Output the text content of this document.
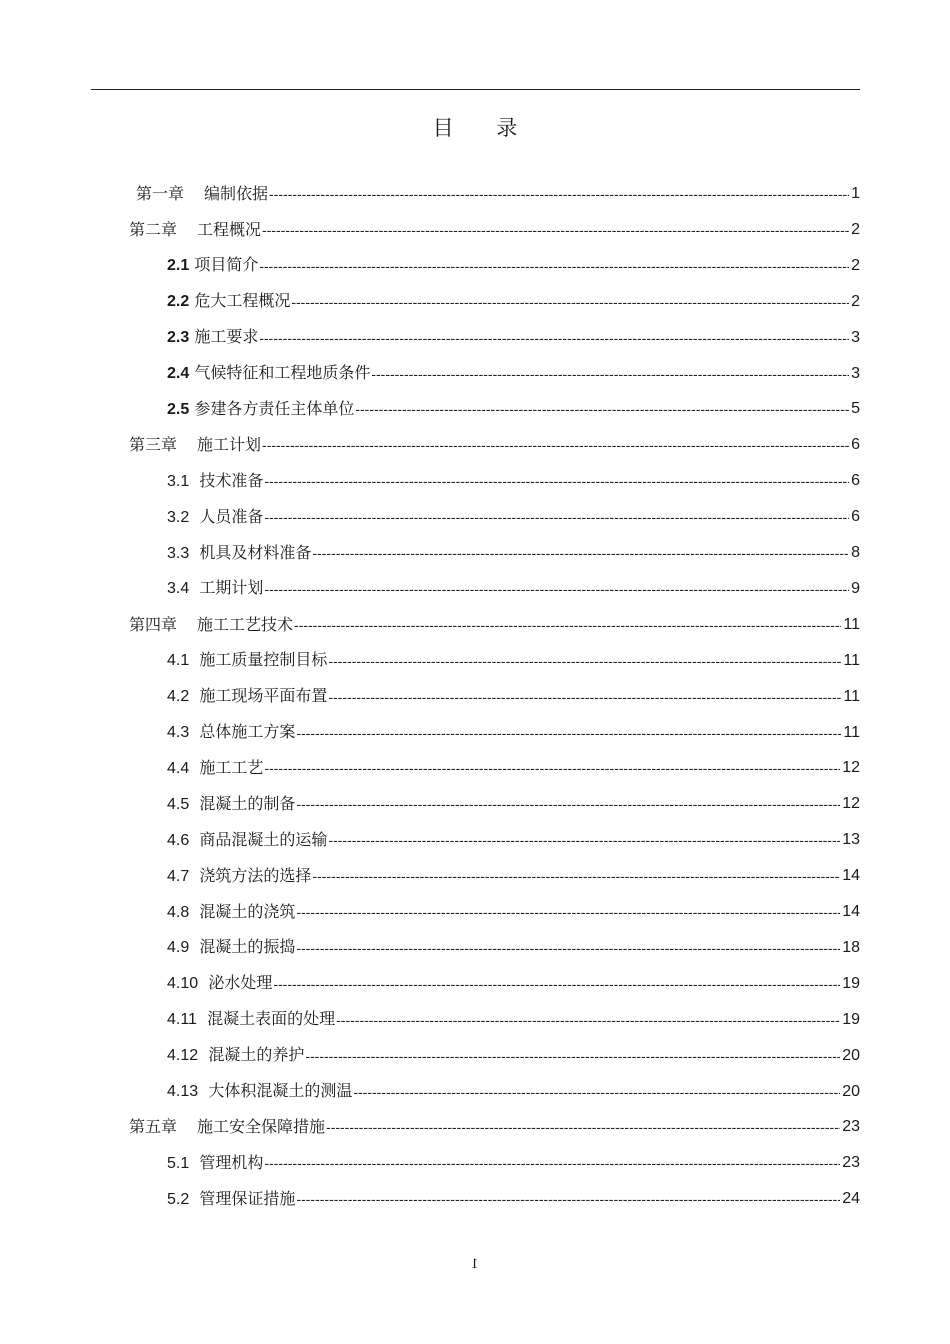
目 录
第一章　 编制依据 -----	1
第二章　 工程概况 -----	2
2.1 项目简介 -----	2
2.2 危大工程概况 -----	2
2.3 施工要求 -----	3
2.4 气候特征和工程地质条件 -----	3
2.5 参建各方责任主体单位 -----	5
第三章　 施工计划 -----	6
3.1 技术准备 -----	6
3.2 人员准备 -----	6
3.3 机具及材料准备 -----	8
3.4 工期计划 -----	9
第四章　 施工工艺技术 -----	11
4.1 施工质量控制目标 -----	11
4.2 施工现场平面布置 -----	11
4.3 总体施工方案 -----	11
4.4 施工工艺 -----	12
4.5 混凝土的制备 -----	12
4.6 商品混凝土的运输 -----	13
4.7 浇筑方法的选择 -----	14
4.8 混凝土的浇筑 -----	14
4.9 混凝土的振捣 -----	18
4.10 泌水处理 -----	19
4.11 混凝土表面的处理 -----	19
4.12 混凝土的养护 -----	20
4.13 大体积混凝土的测温 -----	20
第五章　 施工安全保障措施 -----	23
5.1 管理机构 -----	23
5.2 管理保证措施 -----	24
1
